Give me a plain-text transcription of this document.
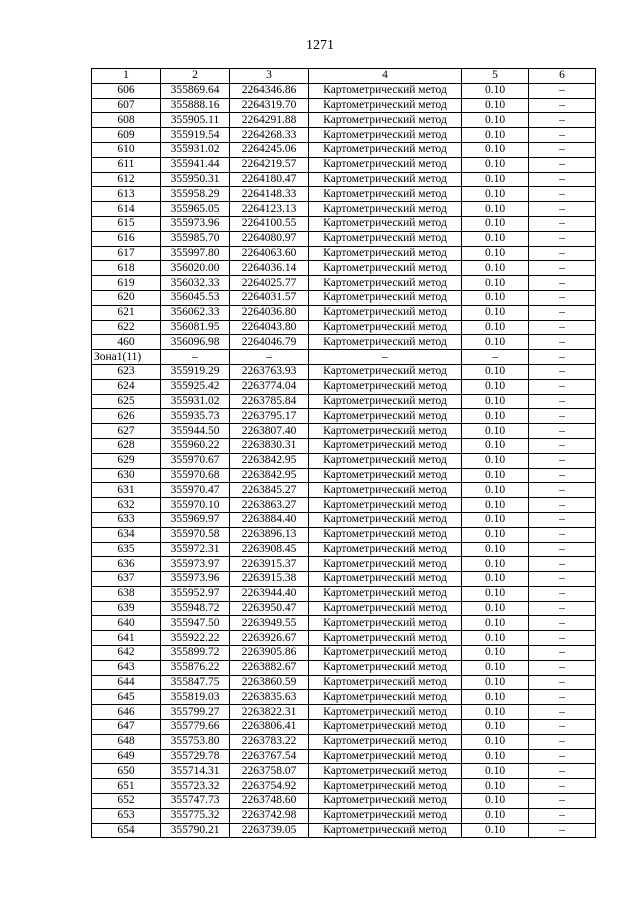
1271
1	2	3	4	5	6
606	355869.64	2264346.86	Картометрический метод	0.10	–
607	355888.16	2264319.70	Картометрический метод	0.10	–
608	355905.11	2264291.88	Картометрический метод	0.10	–
609	355919.54	2264268.33	Картометрический метод	0.10	–
610	355931.02	2264245.06	Картометрический метод	0.10	–
611	355941.44	2264219.57	Картометрический метод	0.10	–
612	355950.31	2264180.47	Картометрический метод	0.10	–
613	355958.29	2264148.33	Картометрический метод	0.10	–
614	355965.05	2264123.13	Картометрический метод	0.10	–
615	355973.96	2264100.55	Картометрический метод	0.10	–
616	355985.70	2264080.97	Картометрический метод	0.10	–
617	355997.80	2264063.60	Картометрический метод	0.10	–
618	356020.00	2264036.14	Картометрический метод	0.10	–
619	356032.33	2264025.77	Картометрический метод	0.10	–
620	356045.53	2264031.57	Картометрический метод	0.10	–
621	356062.33	2264036.80	Картометрический метод	0.10	–
622	356081.95	2264043.80	Картометрический метод	0.10	–
460	356096.98	2264046.79	Картометрический метод	0.10	–
Зона1(11)	–	–	–	–	–
623	355919.29	2263763.93	Картометрический метод	0.10	–
624	355925.42	2263774.04	Картометрический метод	0.10	–
625	355931.02	2263785.84	Картометрический метод	0.10	–
626	355935.73	2263795.17	Картометрический метод	0.10	–
627	355944.50	2263807.40	Картометрический метод	0.10	–
628	355960.22	2263830.31	Картометрический метод	0.10	–
629	355970.67	2263842.95	Картометрический метод	0.10	–
630	355970.68	2263842.95	Картометрический метод	0.10	–
631	355970.47	2263845.27	Картометрический метод	0.10	–
632	355970.10	2263863.27	Картометрический метод	0.10	–
633	355969.97	2263884.40	Картометрический метод	0.10	–
634	355970.58	2263896.13	Картометрический метод	0.10	–
635	355972.31	2263908.45	Картометрический метод	0.10	–
636	355973.97	2263915.37	Картометрический метод	0.10	–
637	355973.96	2263915.38	Картометрический метод	0.10	–
638	355952.97	2263944.40	Картометрический метод	0.10	–
639	355948.72	2263950.47	Картометрический метод	0.10	–
640	355947.50	2263949.55	Картометрический метод	0.10	–
641	355922.22	2263926.67	Картометрический метод	0.10	–
642	355899.72	2263905.86	Картометрический метод	0.10	–
643	355876.22	2263882.67	Картометрический метод	0.10	–
644	355847.75	2263860.59	Картометрический метод	0.10	–
645	355819.03	2263835.63	Картометрический метод	0.10	–
646	355799.27	2263822.31	Картометрический метод	0.10	–
647	355779.66	2263806.41	Картометрический метод	0.10	–
648	355753.80	2263783.22	Картометрический метод	0.10	–
649	355729.78	2263767.54	Картометрический метод	0.10	–
650	355714.31	2263758.07	Картометрический метод	0.10	–
651	355723.32	2263754.92	Картометрический метод	0.10	–
652	355747.73	2263748.60	Картометрический метод	0.10	–
653	355775.32	2263742.98	Картометрический метод	0.10	–
654	355790.21	2263739.05	Картометрический метод	0.10	–
